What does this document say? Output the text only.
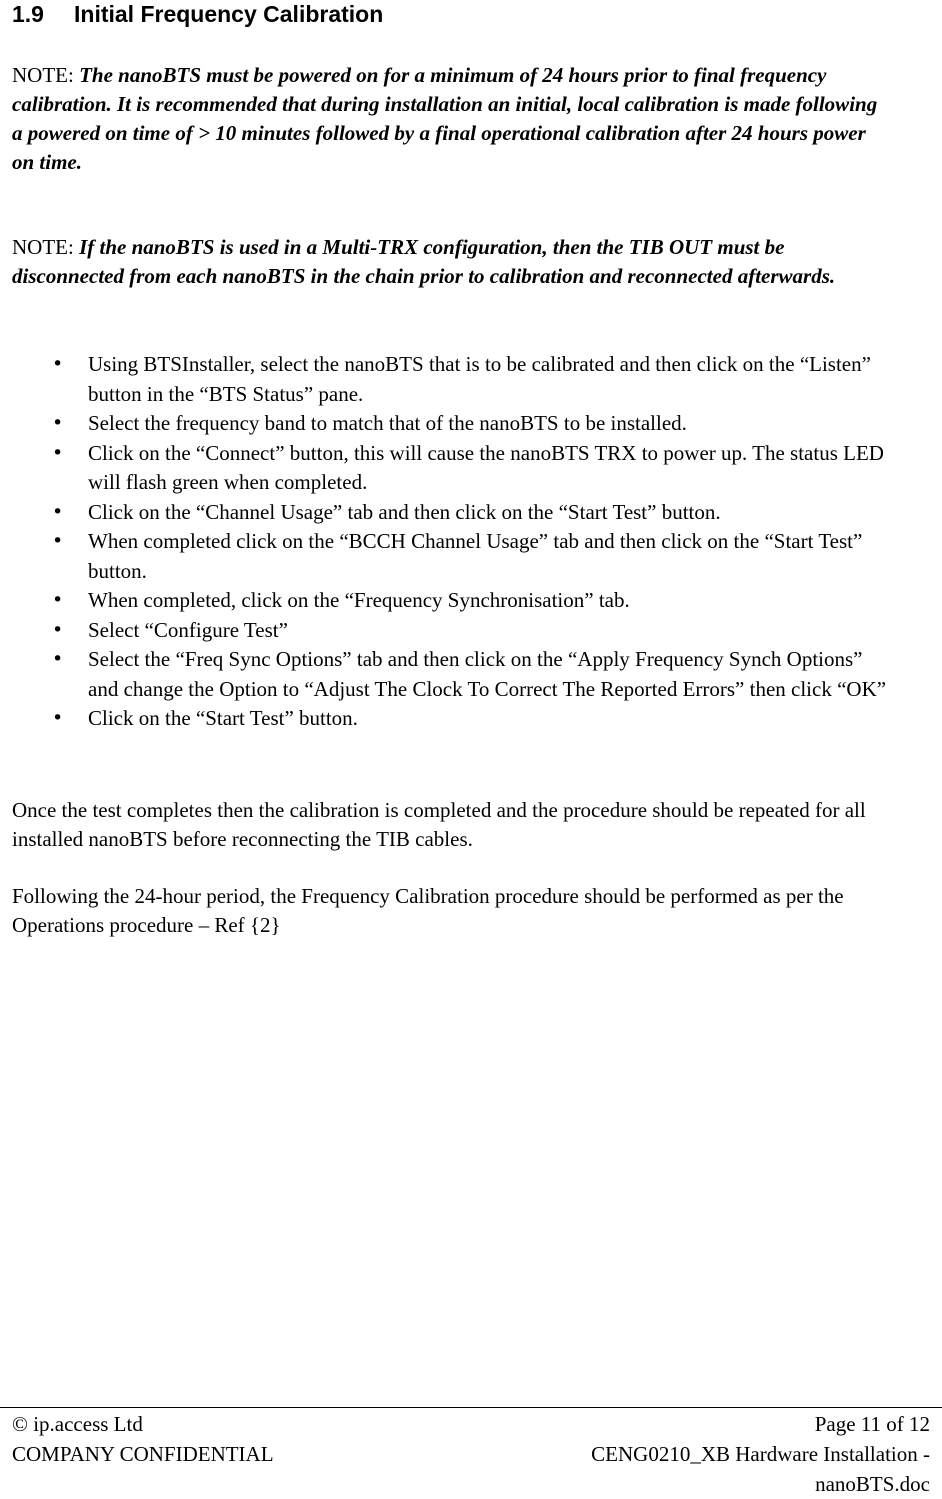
1.9 Initial Frequency Calibration
NOTE: The nanoBTS must be powered on for a minimum of 24 hours prior to final frequency calibration. It is recommended that during installation an initial, local calibration is made following a powered on time of > 10 minutes followed by a final operational calibration after 24 hours power on time.
NOTE: If the nanoBTS is used in a Multi-TRX configuration, then the TIB OUT must be disconnected from each nanoBTS in the chain prior to calibration and reconnected afterwards.
• Using BTSInstaller, select the nanoBTS that is to be calibrated and then click on the “Listen” button in the “BTS Status” pane.
• Select the frequency band to match that of the nanoBTS to be installed.
• Click on the “Connect” button, this will cause the nanoBTS TRX to power up. The status LED will flash green when completed.
• Click on the “Channel Usage” tab and then click on the “Start Test” button.
• When completed click on the “BCCH Channel Usage” tab and then click on the “Start Test” button.
• When completed, click on the “Frequency Synchronisation” tab.
• Select “Configure Test”
• Select the “Freq Sync Options” tab and then click on the “Apply Frequency Synch Options” and change the Option to “Adjust The Clock To Correct The Reported Errors” then click “OK”
• Click on the “Start Test” button.
Once the test completes then the calibration is completed and the procedure should be repeated for all installed nanoBTS before reconnecting the TIB cables.
Following the 24-hour period, the Frequency Calibration procedure should be performed as per the Operations procedure – Ref {2}
© ip.access Ltd
COMPANY CONFIDENTIAL
Page 11 of 12
CENG0210_XB Hardware Installation -
nanoBTS.doc
